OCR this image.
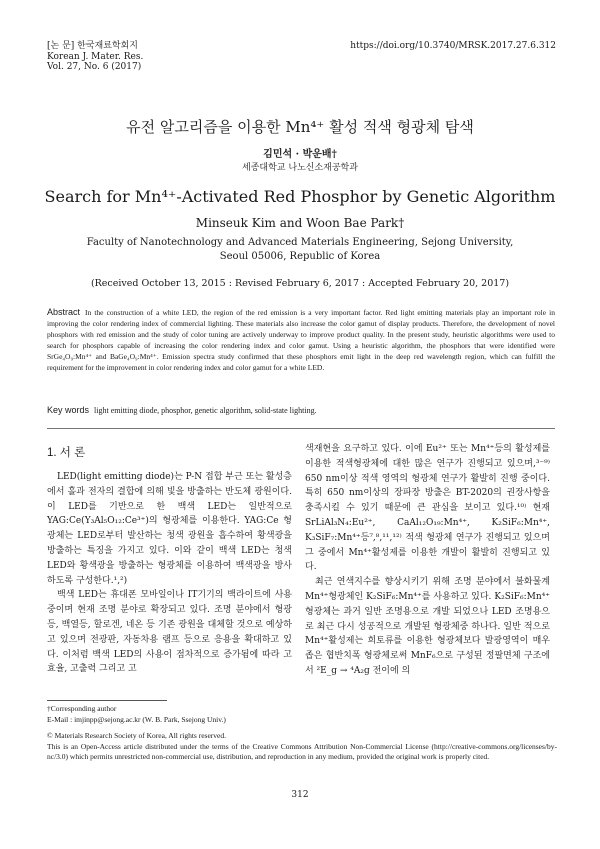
[논 문] 한국재료학회지
Korean J. Mater. Res.
Vol. 27, No. 6 (2017)
https://doi.org/10.3740/MRSK.2017.27.6.312
유전 알고리즘을 이용한 Mn⁴⁺ 활성 적색 형광체 탐색
김민석 · 박운배†
세종대학교 나노신소재공학과
Search for Mn⁴⁺-Activated Red Phosphor by Genetic Algorithm
Minseuk Kim and Woon Bae Park†
Faculty of Nanotechnology and Advanced Materials Engineering, Sejong University,
Seoul 05006, Republic of Korea
(Received October 13, 2015 : Revised February 6, 2017 : Accepted February 20, 2017)
Abstract In the construction of a white LED, the region of the red emission is a very important factor. Red light emitting materials play an important role in improving the color rendering index of commercial lighting. These materials also increase the color gamut of display products. Therefore, the development of novel phosphors with red emission and the study of color tuning are actively underway to improve product quality. In the present study, heuristic algorithms were used to search for phosphors capable of increasing the color rendering index and color gamut. Using a heuristic algorithm, the phosphors that were identified were SrGe₄O₉:Mn⁴⁺ and BaGe₄O₉:Mn⁴⁺. Emission spectra study confirmed that these phosphors emit light in the deep red wavelength region, which can fulfill the requirement for the improvement in color rendering index and color gamut for a white LED.
Key words light emitting diode, phosphor, genetic algorithm, solid-state lighting.
1. 서 론

LED(light emitting diode)는 P-N 접합 부근 또는 활성층에서 홀과 전자의 결합에 의해 빛을 방출하는 반도체 광원이다. 이 LED를 기반으로 한 백색 LED는 일반적으로 YAG:Ce(Y₃Al₅O₁₂:Ce³⁺)의 형광체를 이용한다. YAG:Ce 형광체는 LED로부터 발산하는 청색 광원을 흡수하여 황색광을 방출하는 특징을 가지고 있다. 이와 같이 백색 LED는 청색 LED와 황색광을 방출하는 형광체를 이용하여 백색광을 방사하도록 구성한다.¹,²)

백색 LED는 휴대폰 모바일이나 IT기기의 백라이트에 사용 중이며 현재 조명 분야로 확장되고 있다. 조명 분야에서 형광등, 백열등, 할로겐, 네온 등 기존 광원을 대체할 것으로 예상하고 있으며 전광판, 자동차용 램프 등으로 응용을 확대하고 있다. 이처럼 백색 LED의 사용이 점차적으로 증가됨에 따라 고효율, 고출력 그리고 고

색재현을 요구하고 있다. 이에 Eu²⁺ 또는 Mn⁴⁺등의 활성제를 이용한 적색형광체에 대한 많은 연구가 진행되고 있으며,³⁻⁹⁾ 650 nm이상 적색 영역의 형광체 연구가 활발히 진행 중이다. 특히 650 nm이상의 장파장 방출은 BT-2020의 권장사항을 충족시킬 수 있기 때문에 큰 관심을 보이고 있다.¹⁰⁾ 현재 SrLiAl₃N₄:Eu²⁺, CaAl₁₂O₁₉:Mn⁴⁺, K₂SiF₆:Mn⁴⁺, K₃SiF₇:Mn⁴⁺등⁷,⁸,¹¹,¹²⁾ 적색 형광체 연구가 진행되고 있으며 그 중에서 Mn⁴⁺활성제를 이용한 개발이 활발히 진행되고 있다.

최근 연색지수를 향상시키기 위해 조명 분야에서 불화물계 Mn⁴⁺형광체인 K₂SiF₆:Mn⁴⁺를 사용하고 있다. K₂SiF₆:Mn⁴⁺형광체는 과거 일반 조명용으로 개발 되었으나 LED 조명용으로 최근 다시 성공적으로 개발된 형광체중 하나다. 일반 적으로 Mn⁴⁺활성제는 희토류를 이용한 형광체보다 발광영역이 매우 좁은 협반치폭 형광체로써 MnF₆으로 구성된 정팔면체 구조에서 ²E_g → ⁴A₂g 전이에 의

†Corresponding author
E-Mail : imjinpp@sejong.ac.kr (W. B. Park, Ssejong Univ.)
© Materials Research Society of Korea, All rights reserved.
This is an Open-Access article distributed under the terms of the Creative Commons Attribution Non-Commercial License (http://creative-commons.org/licenses/by-nc/3.0) which permits unrestricted non-commercial use, distribution, and reproduction in any medium, provided the original work is properly cited.
312
